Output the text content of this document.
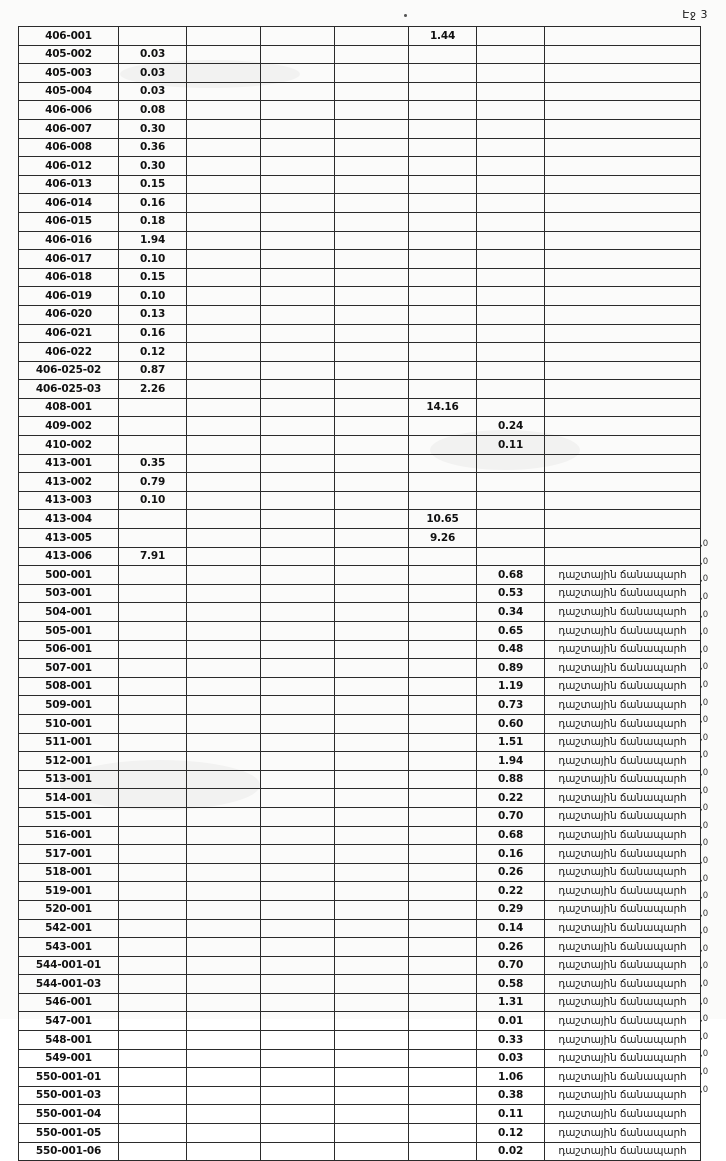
Էջ 3
406-001					1.44		
405-002	0.03						
405-003	0.03						
405-004	0.03						
406-006	0.08						
406-007	0.30						
406-008	0.36						
406-012	0.30						
406-013	0.15						
406-014	0.16						
406-015	0.18						
406-016	1.94						
406-017	0.10						
406-018	0.15						
406-019	0.10						
406-020	0.13						
406-021	0.16						
406-022	0.12						
406-025-02	0.87						
406-025-03	2.26						
408-001					14.16		
409-002						0.24	
410-002						0.11	
413-001	0.35						
413-002	0.79						
413-003	0.10						
413-004					10.65		
413-005					9.26		
413-006	7.91						
500-001						0.68	դաշտային ճանապարհ
503-001						0.53	դաշտային ճանապարհ
504-001						0.34	դաշտային ճանապարհ
505-001						0.65	դաշտային ճանապարհ
506-001						0.48	դաշտային ճանապարհ
507-001						0.89	դաշտային ճանապարհ
508-001						1.19	դաշտային ճանապարհ
509-001						0.73	դաշտային ճանապարհ
510-001						0.60	դաշտային ճանապարհ
511-001						1.51	դաշտային ճանապարհ
512-001						1.94	դաշտային ճանապարհ
513-001						0.88	դաշտային ճանապարհ
514-001						0.22	դաշտային ճանապարհ
515-001						0.70	դաշտային ճանապարհ
516-001						0.68	դաշտային ճանապարհ
517-001						0.16	դաշտային ճանապարհ
518-001						0.26	դաշտային ճանապարհ
519-001						0.22	դաշտային ճանապարհ
520-001						0.29	դաշտային ճանապարհ
542-001						0.14	դաշտային ճանապարհ
543-001						0.26	դաշտային ճանապարհ
544-001-01						0.70	դաշտային ճանապարհ
544-001-03						0.58	դաշտային ճանապարհ
546-001						1.31	դաշտային ճանապարհ
547-001						0.01	դաշտային ճանապարհ
548-001						0.33	դաշտային ճանապարհ
549-001						0.03	դաշտային ճանապարհ
550-001-01						1.06	դաշտային ճանապարհ
550-001-03						0.38	դաշտային ճանապարհ
550-001-04						0.11	դաշտային ճանապարհ
550-001-05						0.12	դաշտային ճանապարհ
550-001-06						0.02	դաշտային ճանապարհ
,0
,0
,0
,0
,0
,0
,0
,0
,0
,0
,0
,0
,0
,0
,0
,0
,0
,0
,0
,0
,0
,0
,0
,0
,0
,0
,0
,0
,0
,0
,0
,0
